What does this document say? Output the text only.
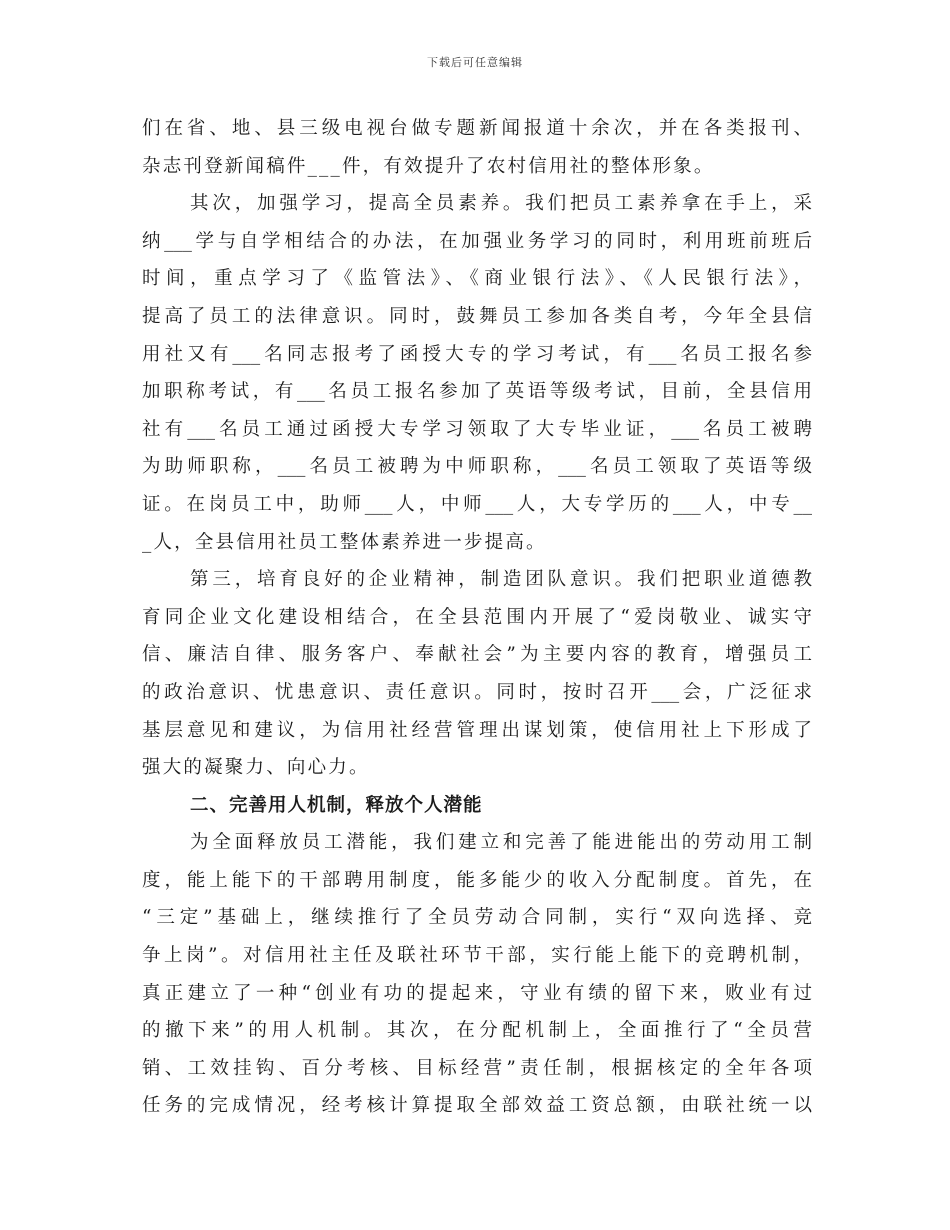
下载后可任意编辑
们在省、地、县三级电视台做专题新闻报道十余次，并在各类报刊、
杂志刊登新闻稿件___件，有效提升了农村信用社的整体形象。
其次，加强学习，提高全员素养。我们把员工素养拿在手上，采
纳___学与自学相结合的办法，在加强业务学习的同时，利用班前班后
时间，重点学习了《监管法》、《商业银行法》、《人民银行法》，
提高了员工的法律意识。同时，鼓舞员工参加各类自考，今年全县信
用社又有___名同志报考了函授大专的学习考试，有___名员工报名参
加职称考试，有___名员工报名参加了英语等级考试，目前，全县信用
社有___名员工通过函授大专学习领取了大专毕业证，___名员工被聘
为助师职称，___名员工被聘为中师职称，___名员工领取了英语等级
证。在岗员工中，助师___人，中师___人，大专学历的___人，中专__
_人，全县信用社员工整体素养进一步提高。
第三，培育良好的企业精神，制造团队意识。我们把职业道德教
育同企业文化建设相结合，在全县范围内开展了“爱岗敬业、诚实守
信、廉洁自律、服务客户、奉献社会”为主要内容的教育，增强员工
的政治意识、忧患意识、责任意识。同时，按时召开___会，广泛征求
基层意见和建议，为信用社经营管理出谋划策，使信用社上下形成了
强大的凝聚力、向心力。
二、完善用人机制，释放个人潜能
为全面释放员工潜能，我们建立和完善了能进能出的劳动用工制
度，能上能下的干部聘用制度，能多能少的收入分配制度。首先，在
“三定”基础上，继续推行了全员劳动合同制，实行“双向选择、竞
争上岗”。对信用社主任及联社环节干部，实行能上能下的竞聘机制，
真正建立了一种“创业有功的提起来，守业有绩的留下来，败业有过
的撤下来”的用人机制。其次，在分配机制上，全面推行了“全员营
销、工效挂钩、百分考核、目标经营”责任制，根据核定的全年各项
任务的完成情况，经考核计算提取全部效益工资总额，由联社统一以
